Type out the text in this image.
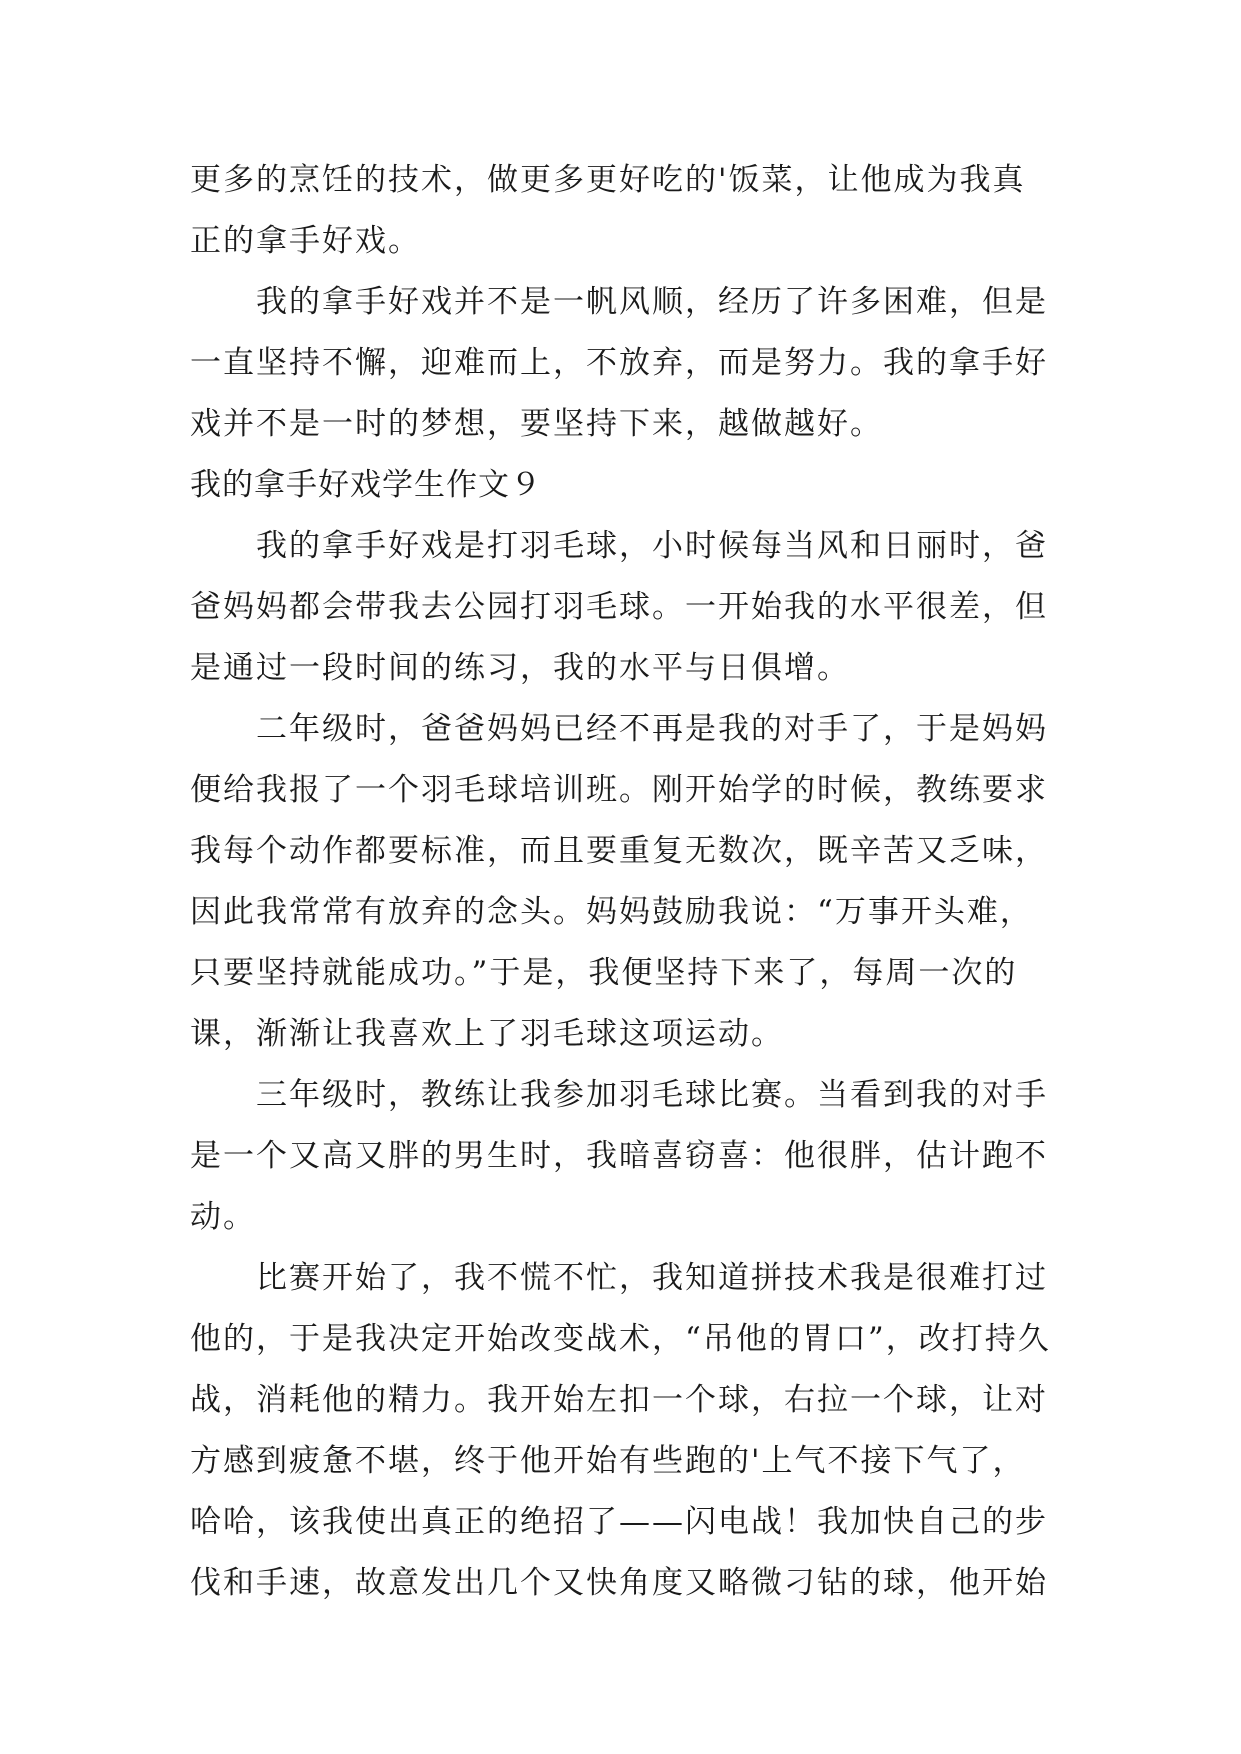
更多的烹饪的技术，做更多更好吃的'饭菜，让他成为我真
正的拿手好戏。
我的拿手好戏并不是一帆风顺，经历了许多困难，但是
一直坚持不懈，迎难而上，不放弃，而是努力。我的拿手好
戏并不是一时的梦想，要坚持下来，越做越好。
我的拿手好戏学生作文９
我的拿手好戏是打羽毛球，小时候每当风和日丽时，爸
爸妈妈都会带我去公园打羽毛球。一开始我的水平很差，但
是通过一段时间的练习，我的水平与日俱增。
二年级时，爸爸妈妈已经不再是我的对手了，于是妈妈
便给我报了一个羽毛球培训班。刚开始学的时候，教练要求
我每个动作都要标准，而且要重复无数次，既辛苦又乏味，
因此我常常有放弃的念头。妈妈鼓励我说：“万事开头难，
只要坚持就能成功。”于是，我便坚持下来了，每周一次的
课，渐渐让我喜欢上了羽毛球这项运动。
三年级时，教练让我参加羽毛球比赛。当看到我的对手
是一个又高又胖的男生时，我暗喜窃喜：他很胖，估计跑不
动。
比赛开始了，我不慌不忙，我知道拼技术我是很难打过
他的，于是我决定开始改变战术，“吊他的胃口”，改打持久
战，消耗他的精力。我开始左扣一个球，右拉一个球，让对
方感到疲惫不堪，终于他开始有些跑的'上气不接下气了，
哈哈，该我使出真正的绝招了——闪电战！我加快自己的步
伐和手速，故意发出几个又快角度又略微刁钻的球，他开始
